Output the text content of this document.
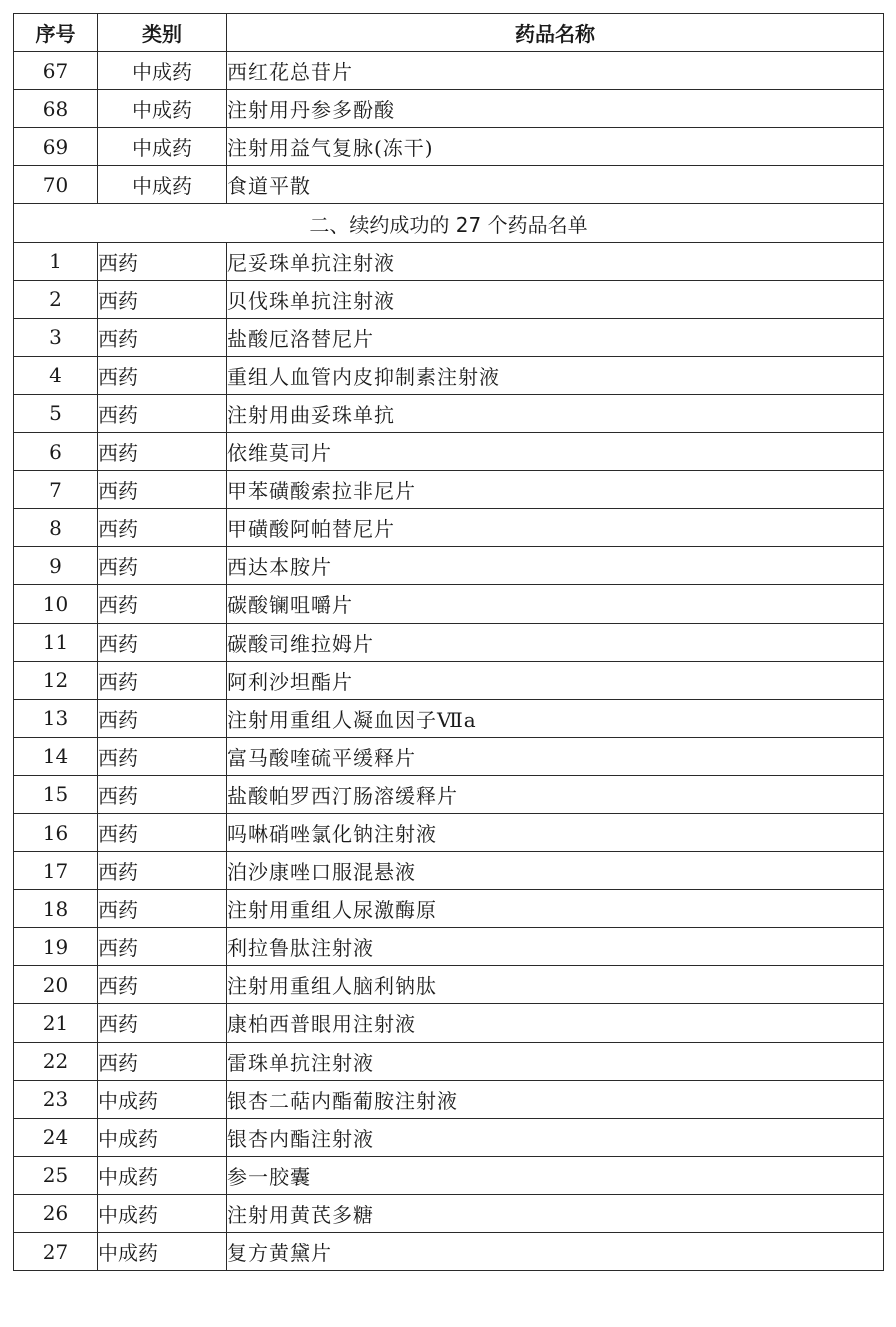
序号	类别	药品名称
67	中成药	西红花总苷片
68	中成药	注射用丹参多酚酸
69	中成药	注射用益气复脉(冻干)
70	中成药	食道平散
二、续约成功的 27 个药品名单		
1	西药	尼妥珠单抗注射液
2	西药	贝伐珠单抗注射液
3	西药	盐酸厄洛替尼片
4	西药	重组人血管内皮抑制素注射液
5	西药	注射用曲妥珠单抗
6	西药	依维莫司片
7	西药	甲苯磺酸索拉非尼片
8	西药	甲磺酸阿帕替尼片
9	西药	西达本胺片
10	西药	碳酸镧咀嚼片
11	西药	碳酸司维拉姆片
12	西药	阿利沙坦酯片
13	西药	注射用重组人凝血因子Ⅶa
14	西药	富马酸喹硫平缓释片
15	西药	盐酸帕罗西汀肠溶缓释片
16	西药	吗啉硝唑氯化钠注射液
17	西药	泊沙康唑口服混悬液
18	西药	注射用重组人尿激酶原
19	西药	利拉鲁肽注射液
20	西药	注射用重组人脑利钠肽
21	西药	康柏西普眼用注射液
22	西药	雷珠单抗注射液
23	中成药	银杏二萜内酯葡胺注射液
24	中成药	银杏内酯注射液
25	中成药	参一胶囊
26	中成药	注射用黄芪多糖
27	中成药	复方黄黛片
